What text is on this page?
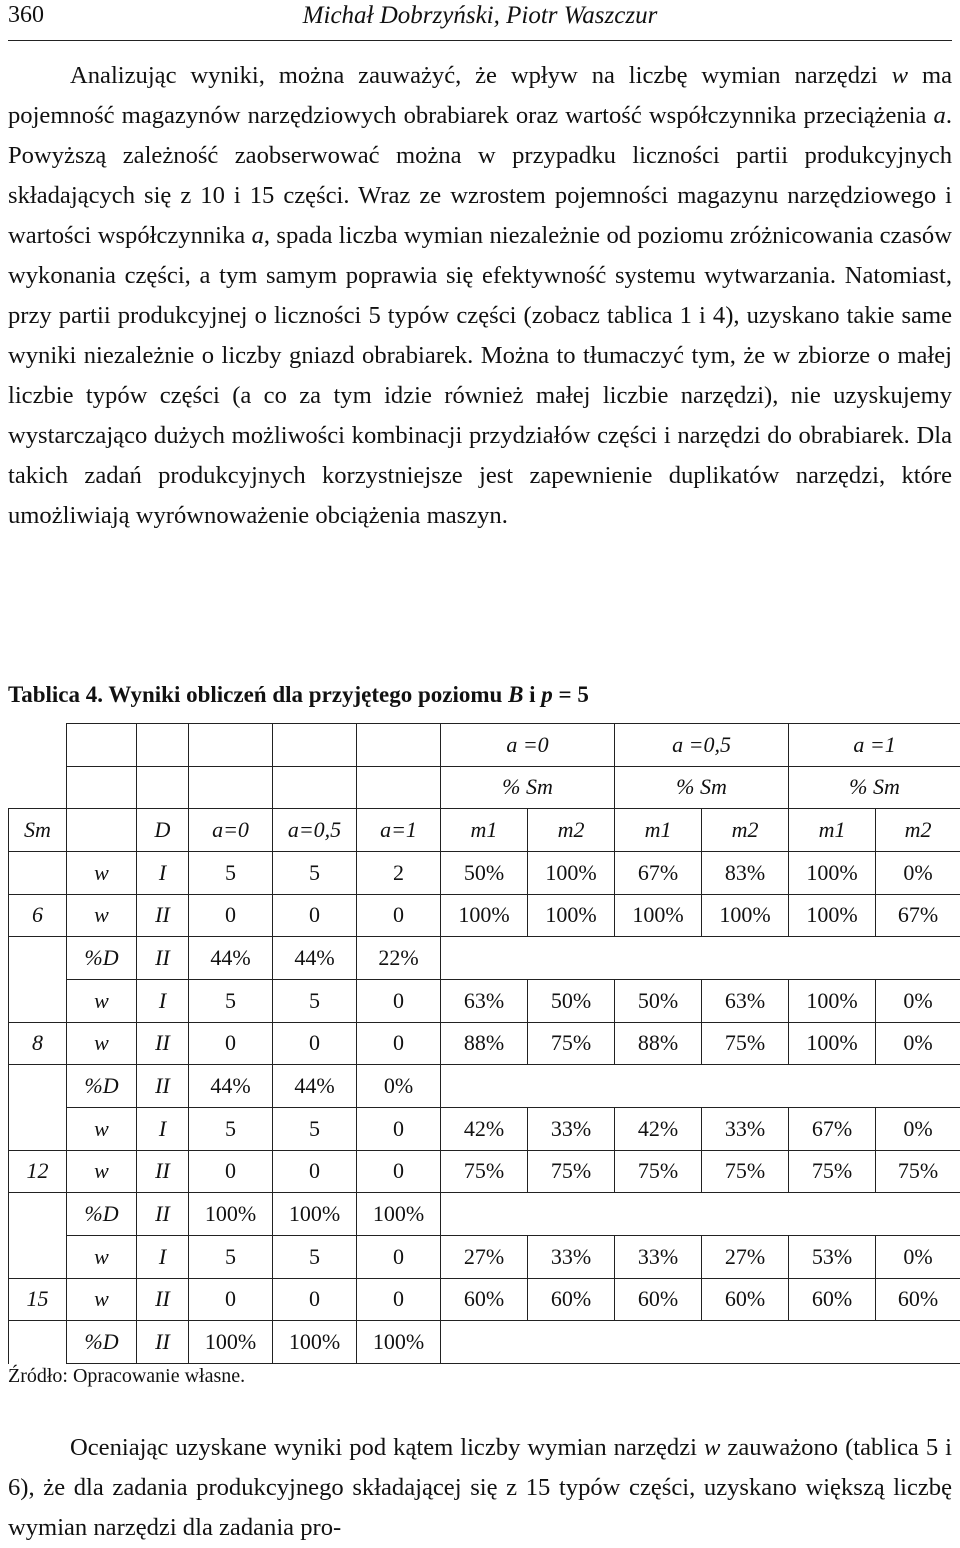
360	Michał Dobrzyński, Piotr Waszczur

Analizując wyniki, można zauważyć, że wpływ na liczbę wymian narzędzi w ma pojemność magazynów narzędziowych obrabiarek oraz wartość współczynnika przeciążenia a. Powyższą zależność zaobserwować można w przypadku liczności partii produkcyjnych składających się z 10 i 15 części. Wraz ze wzrostem pojemności magazynu narzędziowego i wartości współczynnika a, spada liczba wymian niezależnie od poziomu zróżnicowania czasów wykonania części, a tym samym poprawia się efektywność systemu wytwarzania. Natomiast, przy partii produkcyjnej o liczności 5 typów części (zobacz tablica 1 i 4), uzyskano takie same wyniki niezależnie o liczby gniazd obrabiarek. Można to tłumaczyć tym, że w zbiorze o małej liczbie typów części (a co za tym idzie również małej liczbie narzędzi), nie uzyskujemy wystarczająco dużych możliwości kombinacji przydziałów części i narzędzi do obrabiarek. Dla takich zadań produkcyjnych korzystniejsze jest zapewnienie duplikatów narzędzi, które umożliwiają wyrównoważenie obciążenia maszyn.

Tablica 4. Wyniki obliczeń dla przyjętego poziomu B i p = 5
						a =0		a =0,5		a =1	
						% Sm		% Sm		% Sm	
Sm		D	a=0	a=0,5	a=1	m1	m2	m1	m2	m1	m2
	w	I	5	5	2	50%	100%	67%	83%	100%	0%
6	w	II	0	0	0	100%	100%	100%	100%	100%	67%
	%D	II	44%	44%	22%						
	w	I	5	5	0	63%	50%	50%	63%	100%	0%
8	w	II	0	0	0	88%	75%	88%	75%	100%	0%
	%D	II	44%	44%	0%						
	w	I	5	5	0	42%	33%	42%	33%	67%	0%
12	w	II	0	0	0	75%	75%	75%	75%	75%	75%
	%D	II	100%	100%	100%						
	w	I	5	5	0	27%	33%	33%	27%	53%	0%
15	w	II	0	0	0	60%	60%	60%	60%	60%	60%
	%D	II	100%	100%	100%						
Źródło: Opracowanie własne.

Oceniając uzyskane wyniki pod kątem liczby wymian narzędzi w zauważono (tablica 5 i 6), że dla zadania produkcyjnego składającej się z 15 typów części, uzyskano większą liczbę wymian narzędzi dla zadania pro-
